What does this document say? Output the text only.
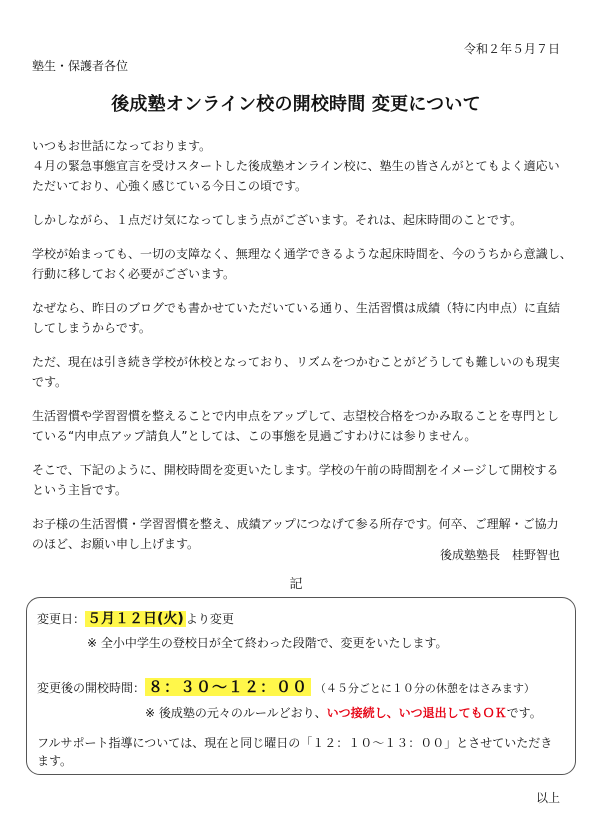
令和２年５月７日
塾生・保護者各位
後成塾オンライン校の開校時間 変更について

いつもお世話になっております。
４月の緊急事態宣言を受けスタートした後成塾オンライン校に、塾生の皆さんがとてもよく適応い
ただいており、心強く感じている今日この頃です。

しかしながら、１点だけ気になってしまう点がございます。それは、起床時間のことです。

学校が始まっても、一切の支障なく、無理なく通学できるような起床時間を、今のうちから意識し、
行動に移しておく必要がございます。

なぜなら、昨日のブログでも書かせていただいている通り、生活習慣は成績（特に内申点）に直結
してしまうからです。

ただ、現在は引き続き学校が休校となっており、リズムをつかむことがどうしても難しいのも現実
です。

生活習慣や学習習慣を整えることで内申点をアップして、志望校合格をつかみ取ることを専門とし
ている“内申点アップ請負人”としては、この事態を見過ごすわけには参りません。

そこで、下記のように、開校時間を変更いたします。学校の午前の時間割をイメージして開校する
という主旨です。

お子様の生活習慣・学習習慣を整え、成績アップにつなげて参る所存です。何卒、ご理解・ご協力
のほど、お願い申し上げます。

後成塾塾長　桂野智也
記
変更日： ５月１２日(火) より変更
※ 全小中学生の登校日が全て終わった段階で、変更をいたします。
変更後の開校時間： ８：３０～１２：００ （４５分ごとに１０分の休憩をはさみます）
※ 後成塾の元々のルールどおり、いつ接続し、いつ退出してもＯＫです。
フルサポート指導については、現在と同じ曜日の「１２：１０～１３：００」とさせていただき
ます。
以上
